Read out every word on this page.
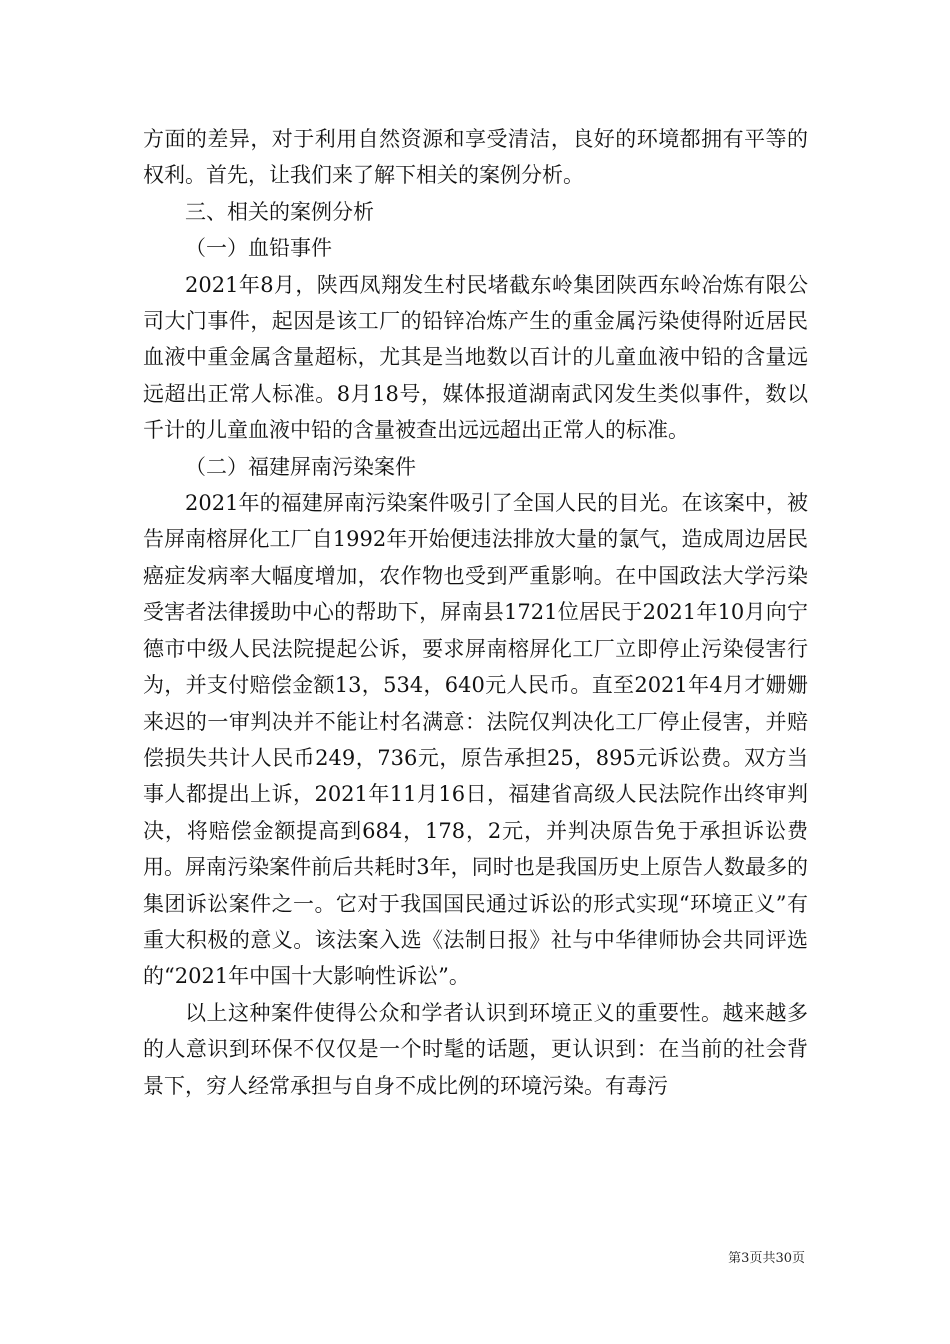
方面的差异，对于利用自然资源和享受清洁，良好的环境都拥有平等的权利。首先，让我们来了解下相关的案例分析。

三、相关的案例分析

（一）血铅事件

2021年8月，陕西凤翔发生村民堵截东岭集团陕西东岭冶炼有限公司大门事件，起因是该工厂的铅锌冶炼产生的重金属污染使得附近居民血液中重金属含量超标，尤其是当地数以百计的儿童血液中铅的含量远远超出正常人标准。8月18号，媒体报道湖南武冈发生类似事件，数以千计的儿童血液中铅的含量被查出远远超出正常人的标准。

（二）福建屏南污染案件

2021年的福建屏南污染案件吸引了全国人民的目光。在该案中，被告屏南榕屏化工厂自1992年开始便违法排放大量的氯气，造成周边居民癌症发病率大幅度增加，农作物也受到严重影响。在中国政法大学污染受害者法律援助中心的帮助下，屏南县1721位居民于2021年10月向宁德市中级人民法院提起公诉，要求屏南榕屏化工厂立即停止污染侵害行为，并支付赔偿金额13，534，640元人民币。直至2021年4月才姗姗来迟的一审判决并不能让村名满意：法院仅判决化工厂停止侵害，并赔偿损失共计人民币249，736元，原告承担25，895元诉讼费。双方当事人都提出上诉，2021年11月16日，福建省高级人民法院作出终审判决，将赔偿金额提高到684，178，2元，并判决原告免于承担诉讼费用。屏南污染案件前后共耗时3年，同时也是我国历史上原告人数最多的集团诉讼案件之一。它对于我国国民通过诉讼的形式实现“环境正义”有重大积极的意义。该法案入选《法制日报》社与中华律师协会共同评选的“2021年中国十大影响性诉讼”。

以上这种案件使得公众和学者认识到环境正义的重要性。越来越多的人意识到环保不仅仅是一个时髦的话题，更认识到：在当前的社会背景下，穷人经常承担与自身不成比例的环境污染。有毒污

第3页共30页
